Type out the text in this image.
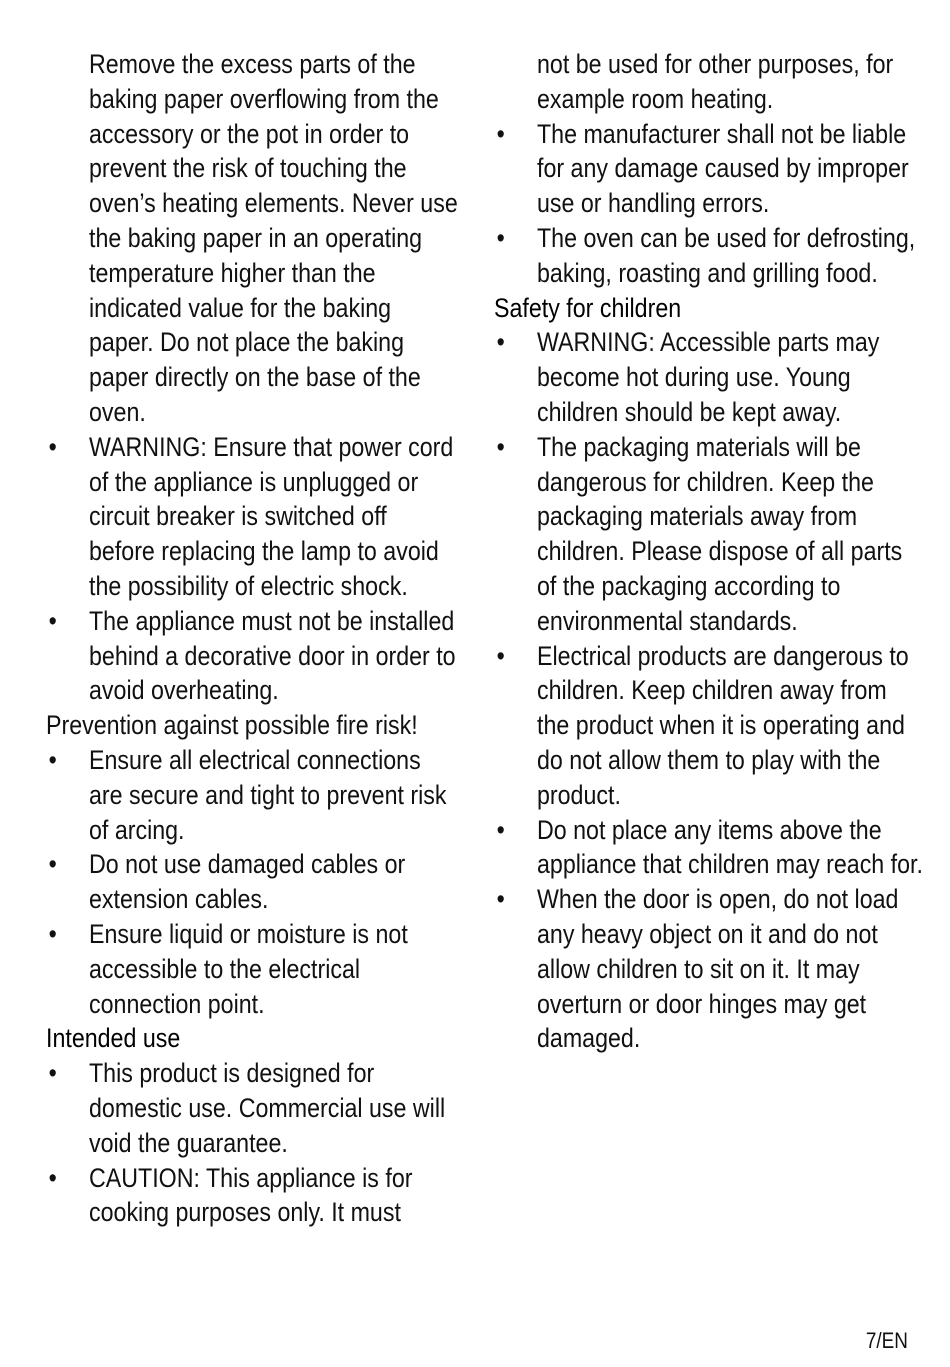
Remove the excess parts of the baking paper overflowing from the accessory or the pot in order to prevent the risk of touching the oven’s heating elements. Never use the baking paper in an operating temperature higher than the indicated value for the baking paper. Do not place the baking paper directly on the base of the oven.
•	WARNING: Ensure that power cord of the appliance is unplugged or circuit breaker is switched off before replacing the lamp to avoid the possibility of electric shock.
•	The appliance must not be installed behind a decorative door in order to avoid overheating.

Prevention against possible fire risk!

•	Ensure all electrical connections are secure and tight to prevent risk of arcing.
•	Do not use damaged cables or extension cables.
•	Ensure liquid or moisture is not accessible to the electrical connection point.

Intended use

•	This product is designed for domestic use. Commercial use will void the guarantee.
•	CAUTION: This appliance is for cooking purposes only. It must
not be used for other purposes, for example room heating.
•	The manufacturer shall not be liable for any damage caused by improper use or handling errors.
•	The oven can be used for defrosting, baking, roasting and grilling food.

Safety for children

•	WARNING: Accessible parts may become hot during use. Young children should be kept away.
•	The packaging materials will be dangerous for children. Keep the packaging materials away from children. Please dispose of all parts of the packaging according to environmental standards.
•	Electrical products are dangerous to children. Keep children away from the product when it is operating and do not allow them to play with the product.
•	Do not place any items above the appliance that children may reach for.
•	When the door is open, do not load any heavy object on it and do not allow children to sit on it. It may overturn or door hinges may get damaged.
7/EN
